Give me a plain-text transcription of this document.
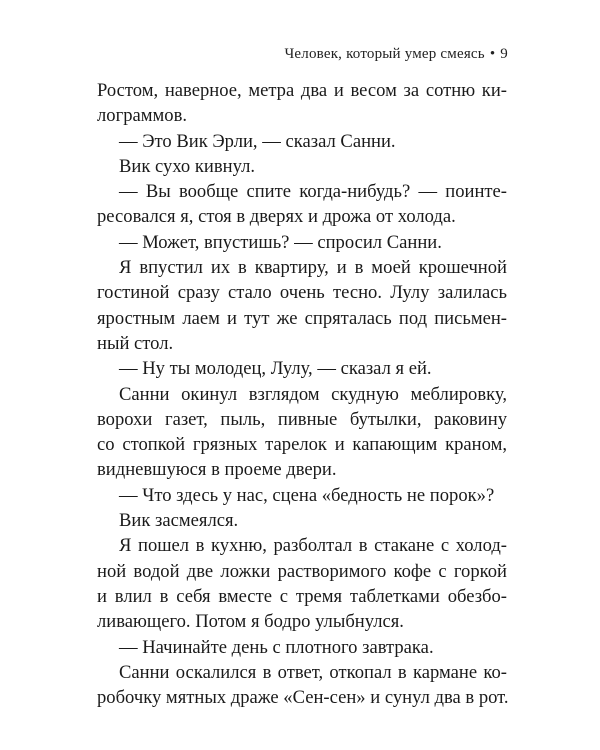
Человек, который умер смеясь • 9
Ростом, наверное, метра два и весом за сотню ки-
лограммов.
— Это Вик Эрли, — сказал Санни.
Вик сухо кивнул.
— Вы вообще спите когда-нибудь? — поинте-
ресовался я, стоя в дверях и дрожа от холода.
— Может, впустишь? — спросил Санни.
Я впустил их в квартиру, и в моей крошечной
гостиной сразу стало очень тесно. Лулу залилась
яростным лаем и тут же спряталась под письмен-
ный стол.
— Ну ты молодец, Лулу, — сказал я ей.
Санни окинул взглядом скудную меблировку,
ворохи газет, пыль, пивные бутылки, раковину
со стопкой грязных тарелок и капающим краном,
видневшуюся в проеме двери.
— Что здесь у нас, сцена «бедность не порок»?
Вик засмеялся.
Я пошел в кухню, разболтал в стакане с холод-
ной водой две ложки растворимого кофе с горкой
и влил в себя вместе с тремя таблетками обезбо-
ливающего. Потом я бодро улыбнулся.
— Начинайте день с плотного завтрака.
Санни оскалился в ответ, откопал в кармане ко-
робочку мятных драже «Сен-сен» и сунул два в рот.
